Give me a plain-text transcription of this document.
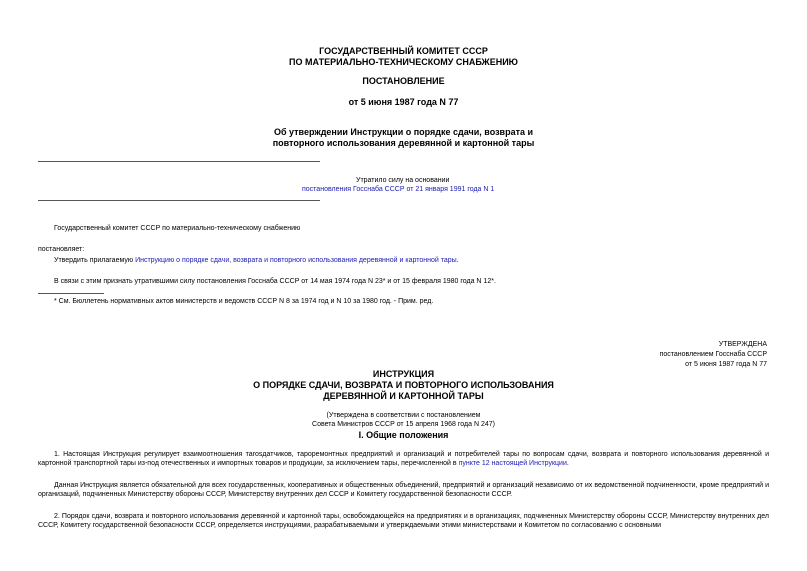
ГОСУДАРСТВЕННЫЙ КОМИТЕТ СССР
ПО МАТЕРИАЛЬНО-ТЕХНИЧЕСКОМУ СНАБЖЕНИЮ
ПОСТАНОВЛЕНИЕ
от 5 июня 1987 года N 77
Об утверждении Инструкции о порядке сдачи, возврата и
повторного использования деревянной и картонной тары
Утратило силу на основании
постановления Госснаба СССР от 21 января 1991 года N 1
Государственный комитет СССР по материально-техническому снабжению
постановляет:
Утвердить прилагаемую Инструкцию о порядке сдачи, возврата и повторного использования деревянной и картонной тары.
В связи с этим признать утратившими силу постановления Госснаба СССР от 14 мая 1974 года N 23* и от 15 февраля 1980 года N 12*.
* См. Бюллетень нормативных актов министерств и ведомств СССР N 8 за 1974 год и N 10 за 1980 год. - Прим. ред.
УТВЕРЖДЕНА
постановлением Госснаба СССР
от 5 июня 1987 года N 77
ИНСТРУКЦИЯ
О ПОРЯДКЕ СДАЧИ, ВОЗВРАТА И ПОВТОРНОГО ИСПОЛЬЗОВАНИЯ
ДЕРЕВЯННОЙ И КАРТОННОЙ ТАРЫ
(Утверждена в соответствии с постановлением
Совета Министров СССР от 15 апреля 1968 года N 247)
I. Общие положения
1. Настоящая Инструкция регулирует взаимоотношения тarosдатчиков, тароремонтных предприятий и организаций и потребителей тары по вопросам сдачи, возврата и повторного использования деревянной и картонной транспортной тары из-под отечественных и импортных товаров и продукции, за исключением тары, перечисленной в пункте 12 настоящей Инструкции.
Данная Инструкция является обязательной для всех государственных, кооперативных и общественных объединений, предприятий и организаций независимо от их ведомственной подчиненности, кроме предприятий и организаций, подчиненных Министерству обороны СССР, Министерству внутренних дел СССР и Комитету государственной безопасности СССР.
2. Порядок сдачи, возврата и повторного использования деревянной и картонной тары, освобождающейся на предприятиях и в организациях, подчиненных Министерству обороны СССР, Министерству внутренних дел СССР, Комитету государственной безопасности СССР, определяется инструкциями, разрабатываемыми и утверждаемыми этими министерствами и Комитетом по согласованию с основными
